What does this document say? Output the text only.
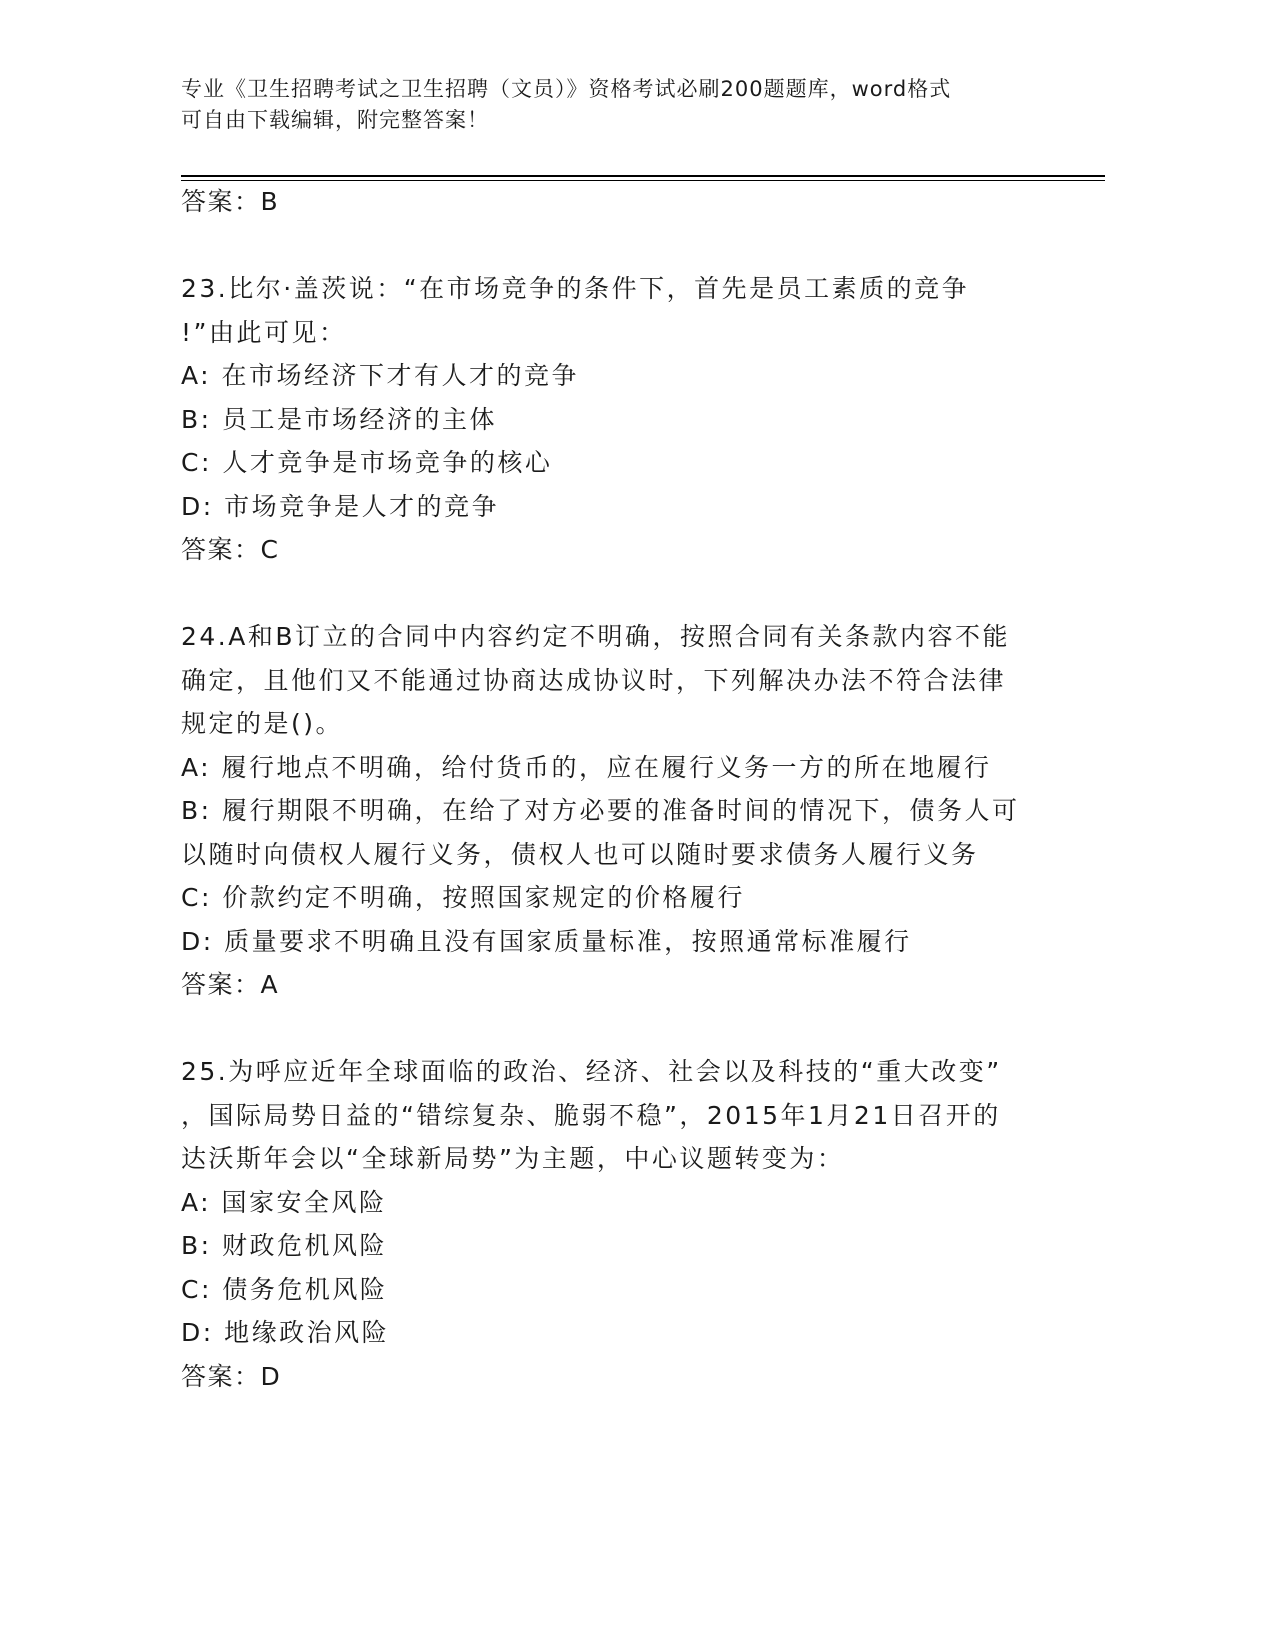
专业《卫生招聘考试之卫生招聘（文员）》资格考试必刷200题题库，word格式
可自由下载编辑，附完整答案！
答案：B
23.比尔·盖茨说：“在市场竞争的条件下，首先是员工素质的竞争
!”由此可见：
A: 在市场经济下才有人才的竞争
B: 员工是市场经济的主体
C: 人才竞争是市场竞争的核心
D: 市场竞争是人才的竞争
答案：C
24.A和B订立的合同中内容约定不明确，按照合同有关条款内容不能
确定，且他们又不能通过协商达成协议时，下列解决办法不符合法律
规定的是()。
A: 履行地点不明确，给付货币的，应在履行义务一方的所在地履行
B: 履行期限不明确，在给了对方必要的准备时间的情况下，债务人可
以随时向债权人履行义务，债权人也可以随时要求债务人履行义务
C: 价款约定不明确，按照国家规定的价格履行
D: 质量要求不明确且没有国家质量标准，按照通常标准履行
答案：A
25.为呼应近年全球面临的政治、经济、社会以及科技的“重大改变”
，国际局势日益的“错综复杂、脆弱不稳”，2015年1月21日召开的
达沃斯年会以“全球新局势”为主题，中心议题转变为：
A: 国家安全风险
B: 财政危机风险
C: 债务危机风险
D: 地缘政治风险
答案：D
